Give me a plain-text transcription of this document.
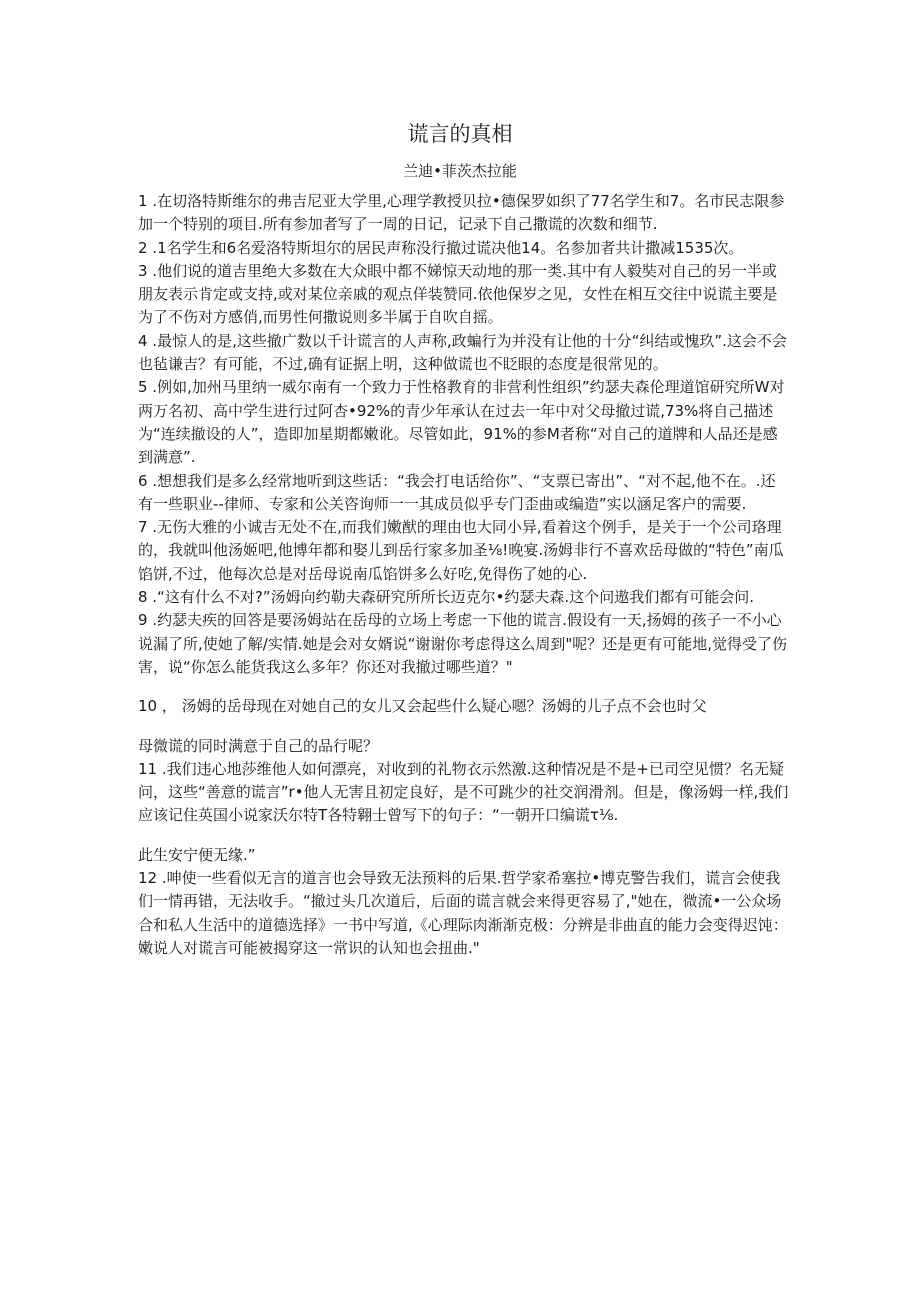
谎言的真相
兰迪•菲茨杰拉能

1 .在切洛特斯维尔的弗吉尼亚大学里,心理学教授贝拉•德保罗如织了77名学生和7。名市民志限参加一个特别的项目.所有参加者写了一周的日记，记录下自己撒谎的次数和细节.

2 .1名学生和6名爱洛特斯坦尔的居民声称没行撤过谎决他14。名参加者共计撒减1535次。

3 .他们说的道吉里绝大多数在大众眼中都不娣惊天动地的那一类.其中有人毅奘对自己的另一半或朋友表示肯定或支持,或对某位亲戚的观点佯装赞同.依他保岁之见，女性在相互交往中说谎主要是为了不伤对方感俏,而男性何撒说则多半属于自吹自摇。

4 .最惊人的是,这些撤广数以千计谎言的人声称,政蝙行为并没有让他的十分“纠结或愧玖”.这会不会也毡谦吉？有可能，不过,确有证据上明，这种做谎也不眨眼的态度是很常见的。

5 .例如,加州马里纳一威尔南有一个致力于性格教育的非营利性组织”约瑟夫森伦理道馆研究所W对两万名初、高中学生进行过阿杏•92%的青少年承认在过去一年中对父母撤过谎,73%将自己描述为“连续撤设的人”，造即加星期都嫩讹。尽管如此，91%的参M者称“对自己的道牌和人品还是感到满意”.

6 .想想我们是多么经常地听到这些话：“我会打电话给你”、“支票已寄出”、“对不起,他不在。.还有一些职业--律师、专家和公关咨询师一一其成员似乎专门歪曲或编造”实以涵足客户的需要.

7 .无伤大雅的小诚吉无处不在,而我们嫩猷的理由也大同小异,看着这个例手，是关于一个公司珞理的，我就叫他汤姬吧,他博年都和娶儿到岳行家多加圣⅛!晚宴.汤姆非行不喜欢岳母做的“特色”南瓜馅饼,不过，他每次总是对岳母说南瓜馅饼多么好吃,免得伤了她的心.

8 .“这有什么不对?”汤姆向约勒夫森研究所所长迈克尔•约瑟夫森.这个问遨我们都有可能会问.

9 .约瑟夫疾的回答是要汤姆站在岳母的立场上考虑一下他的谎言.假设有一天,扬姆的孩子一不小心说漏了所,使她了解/实情.她是会对女婿说“谢谢你考虑得这么周到"呢？还是更有可能地,觉得受了伤害，说“你怎么能货我这么多年？你还对我撤过哪些道？"

10 ， 汤姆的岳母现在对她自己的女儿又会起些什么疑心嗯？汤姆的儿子点不会也时父

母微谎的同时满意于自己的品行呢？

11 .我们违心地莎维他人如何漂亮，对收到的礼物衣示然激.这种情况是不是+已司空见惯？名无疑问，这些“善意的谎言”r•他人无害且初定良好，是不可跳少的社交润滑剂。但是，像汤姆一样,我们应该记住英国小说家沃尔特T各特翱士曾写下的句子：“一朝开口编谎τ⅛.

此生安宁便无缘.”

12 .呻使一些看似无言的道言也会导致无法预料的后果.哲学家希塞拉•博克警告我们，谎言会使我们一情再错，无法收手。“撤过头几次道后，后面的谎言就会来得更容易了,"她在，微流•一公众场合和私人生活中的道德选择》一书中写道,《心理际肉渐渐克极：分辨是非曲直的能力会变得迟饨：嫩说人对谎言可能被揭穿这一常识的认知也会扭曲."
